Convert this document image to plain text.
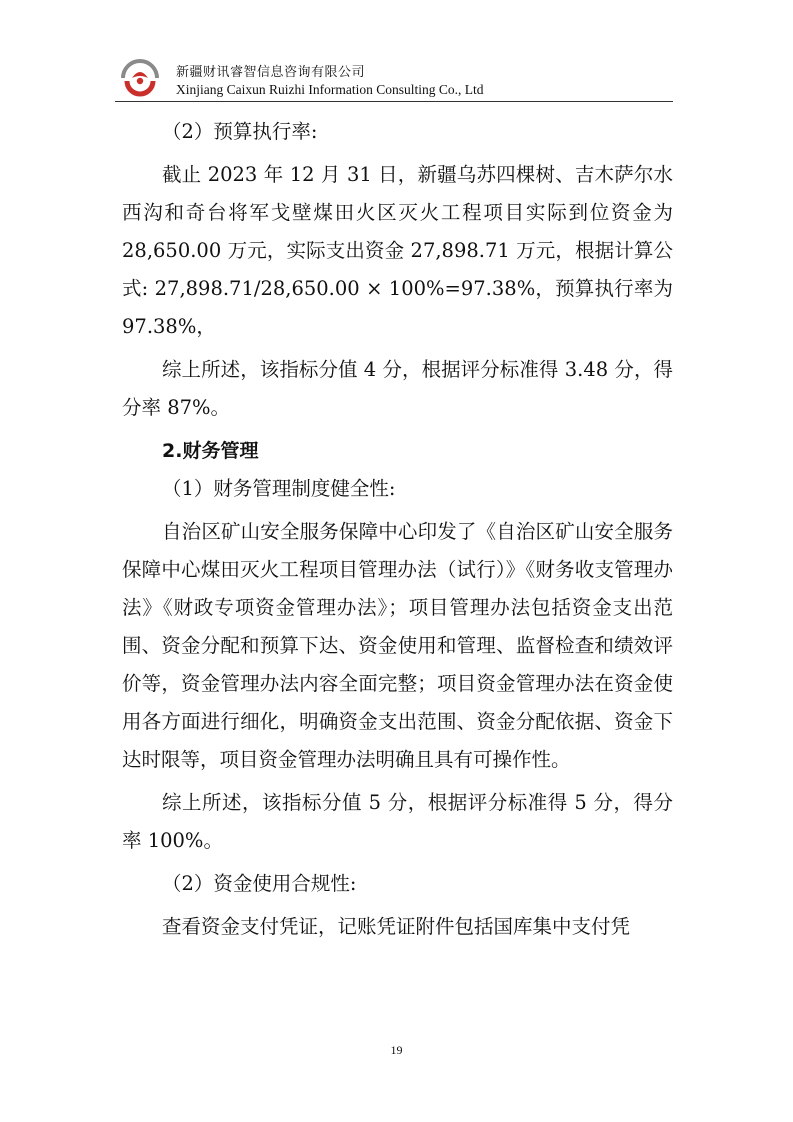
新疆财讯睿智信息咨询有限公司
Xinjiang Caixun Ruizhi Information Consulting Co., Ltd

（2）预算执行率:

截止 2023 年 12 月 31 日，新疆乌苏四棵树、吉木萨尔水西沟和奇台将军戈壁煤田火区灭火工程项目实际到位资金为 28,650.00 万元，实际支出资金 27,898.71 万元，根据计算公式: 27,898.71/28,650.00 × 100%=97.38%，预算执行率为 97.38%，

综上所述，该指标分值 4 分，根据评分标准得 3.48 分，得分率 87%。

2.财务管理

（1）财务管理制度健全性:

自治区矿山安全服务保障中心印发了《自治区矿山安全服务保障中心煤田灭火工程项目管理办法（试行）》《财务收支管理办法》《财政专项资金管理办法》；项目管理办法包括资金支出范围、资金分配和预算下达、资金使用和管理、监督检查和绩效评价等，资金管理办法内容全面完整；项目资金管理办法在资金使用各方面进行细化，明确资金支出范围、资金分配依据、资金下达时限等，项目资金管理办法明确且具有可操作性。

综上所述，该指标分值 5 分，根据评分标准得 5 分，得分率 100%。

（2）资金使用合规性:

查看资金支付凭证，记账凭证附件包括国库集中支付凭

19
